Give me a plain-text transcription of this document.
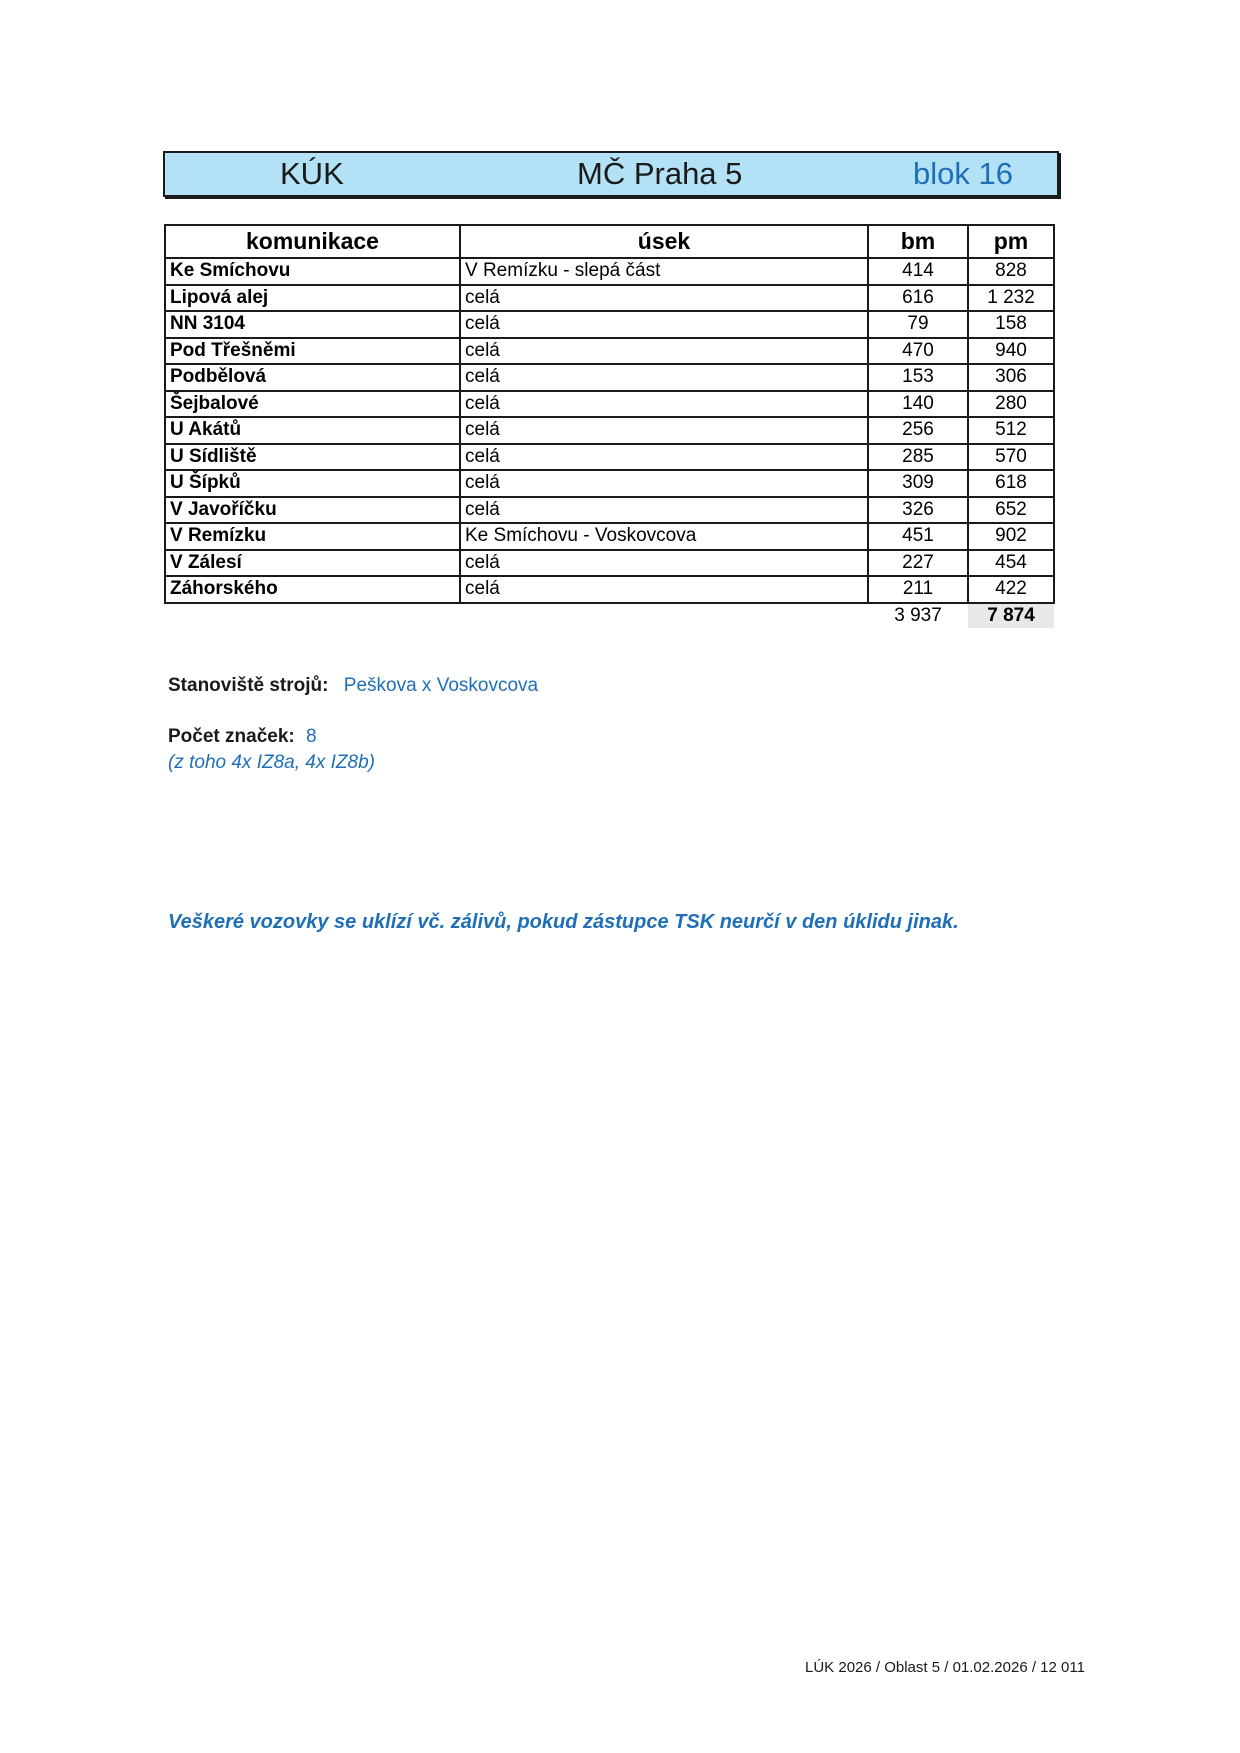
KÚK	MČ Praha 5	blok 16
komunikace	úsek	bm	pm
Ke Smíchovu	V Remízku - slepá část	414	828
Lipová alej	celá	616	1 232
NN 3104	celá	79	158
Pod Třešněmi	celá	470	940
Podbělová	celá	153	306
Šejbalové	celá	140	280
U Akátů	celá	256	512
U Sídliště	celá	285	570
U Šípků	celá	309	618
V Javoříčku	celá	326	652
V Remízku	Ke Smíchovu - Voskovcova	451	902
V Zálesí	celá	227	454
Záhorského	celá	211	422
		3 937	7 874
Stanoviště strojů: Peškova x Voskovcova
Počet značek: 8
(z toho 4x IZ8a, 4x IZ8b)
Veškeré vozovky se uklízí vč. zálivů, pokud zástupce TSK neurčí v den úklidu jinak.
LÚK 2026 / Oblast 5 / 01.02.2026 / 12 011
